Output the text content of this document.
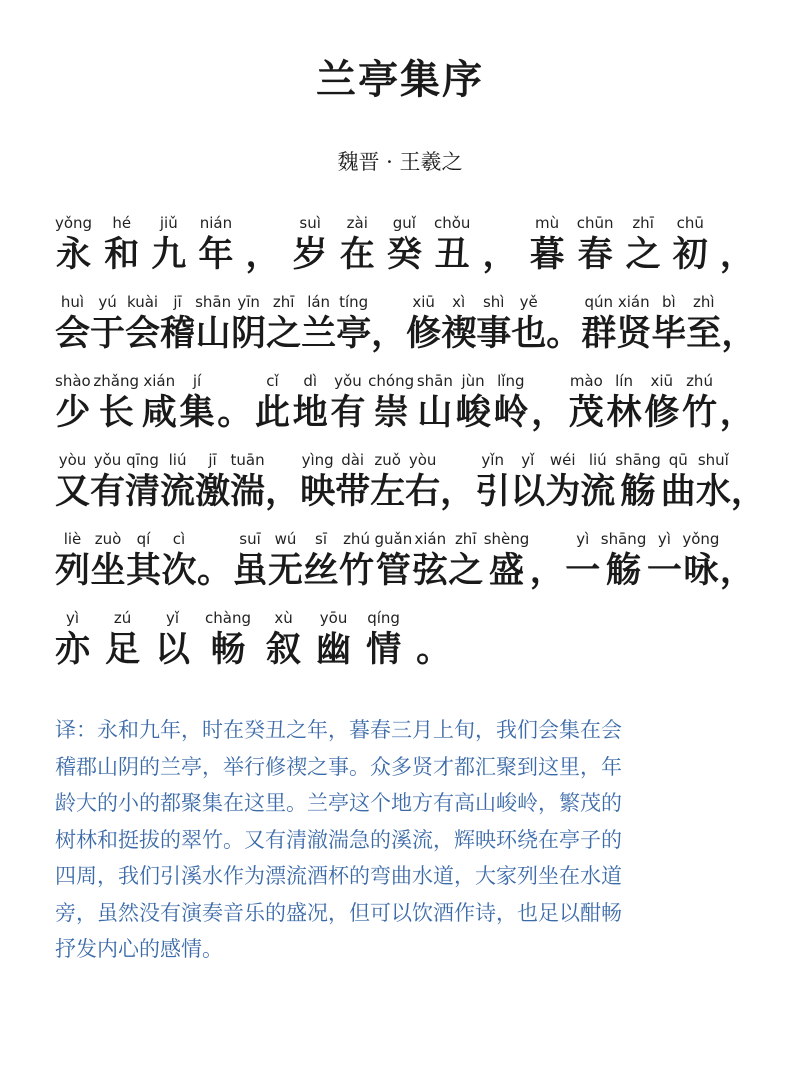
兰亭集序
魏晋 · 王羲之
yǒng
永
hé
和
jiǔ
九
nián
年 ，
suì
岁
zài
在
guǐ
癸
chǒu
丑 ，
mù
暮
chūn
春
zhī
之
chū
初 ，
huì
会
yú
于
kuài
会
jī
稽
shān
山
yīn
阴
zhī
之
lán
兰
tíng
亭 ，
xiū
修
xì
禊
shì
事
yě
也 。
qún
群
xián
贤
bì
毕
zhì
至 ，
shào
少
zhǎng
长
xián
咸
jí
集 。
cǐ
此
dì
地
yǒu
有
chóng
崇
shān
山
jùn
峻
lǐng
岭 ，
mào
茂
lín
林
xiū
修
zhú
竹 ，
yòu
又
yǒu
有
qīng
清
liú
流
jī
激
tuān
湍 ，
yìng
映
dài
带
zuǒ
左
yòu
右 ，
yǐn
引
yǐ
以
wéi
为
liú
流
shāng
觞
qū
曲
shuǐ
水 ，
liè
列
zuò
坐
qí
其
cì
次 。
suī
虽
wú
无
sī
丝
zhú
竹
guǎn
管
xián
弦
zhī
之
shèng
盛 ，
yì
一
shāng
觞
yì
一
yǒng
咏 ，
yì
亦
zú
足
yǐ
以
chàng
畅
xù
叙
yōu
幽
qíng
情 。
译：永和九年，时在癸丑之年，暮春三月上旬，我们会集在会
稽郡山阴的兰亭，举行修禊之事。众多贤才都汇聚到这里，年
龄大的小的都聚集在这里。兰亭这个地方有高山峻岭，繁茂的
树林和挺拔的翠竹。又有清澈湍急的溪流，辉映环绕在亭子的
四周，我们引溪水作为漂流酒杯的弯曲水道，大家列坐在水道
旁，虽然没有演奏音乐的盛况，但可以饮酒作诗，也足以酣畅
抒发内心的感情。
